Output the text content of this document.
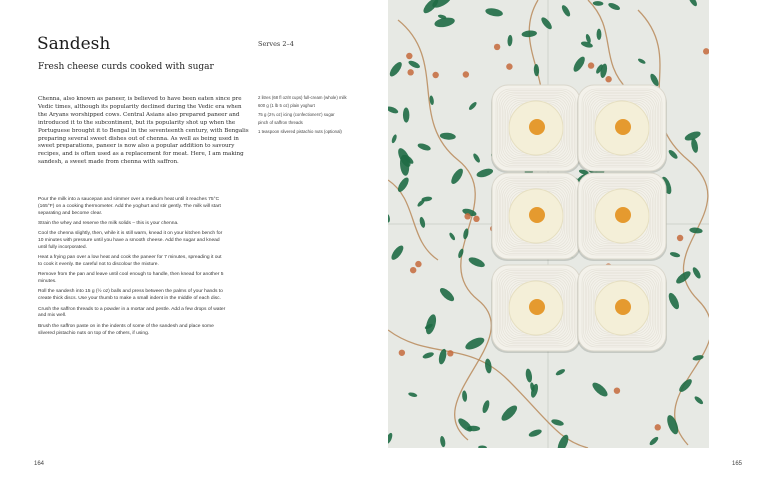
Sandesh
Fresh cheese curds cooked with sugar
Serves 2–4

Chenna, also known as paneer, is believed to have been eaten since pre Vedic times, although its popularity declined during the Vedic era when the Aryans worshipped cows. Central Asians also prepared paneer and introduced it to the subcontinent, but its popularity shot up when the Portuguese brought it to Bengal in the seventeenth century, with Bengalis preparing several sweet dishes out of chenna. As well as being used in sweet preparations, paneer is now also a popular addition to savoury recipes, and is often used as a replacement for meat. Here, I am making sandesh, a sweet made from chenna with saffron.

2 litres (68 fl oz/8 cups) full-cream (whole) milk
600 g (1 lb 5 oz) plain yoghurt
75 g (2¾ oz) icing (confectioners') sugar
pinch of saffron threads
1 teaspoon slivered pistachio nuts (optional)
Pour the milk into a saucepan and simmer over a medium heat until it reaches 75°C (165°F) on a cooking thermometer. Add the yoghurt and stir gently. The milk will start separating and become clear.
Strain the whey and reserve the milk solids – this is your chenna.
Cool the chenna slightly, then, while it is still warm, knead it on your kitchen bench for 10 minutes with pressure until you have a smooth cheese. Add the sugar and knead until fully incorporated.
Heat a frying pan over a low heat and cook the paneer for 7 minutes, spreading it out to cook it evenly. Be careful not to discolour the mixture.
Remove from the pan and leave until cool enough to handle, then knead for another 5 minutes.
Roll the sandesh into 15 g (½ oz) balls and press between the palms of your hands to create thick discs. Use your thumb to make a small indent in the middle of each disc.
Crush the saffron threads to a powder in a mortar and pestle. Add a few drops of water and mix well.
Brush the saffron paste on in the indents of some of the sandesh and place some slivered pistachio nuts on top of the others, if using.
164	165
